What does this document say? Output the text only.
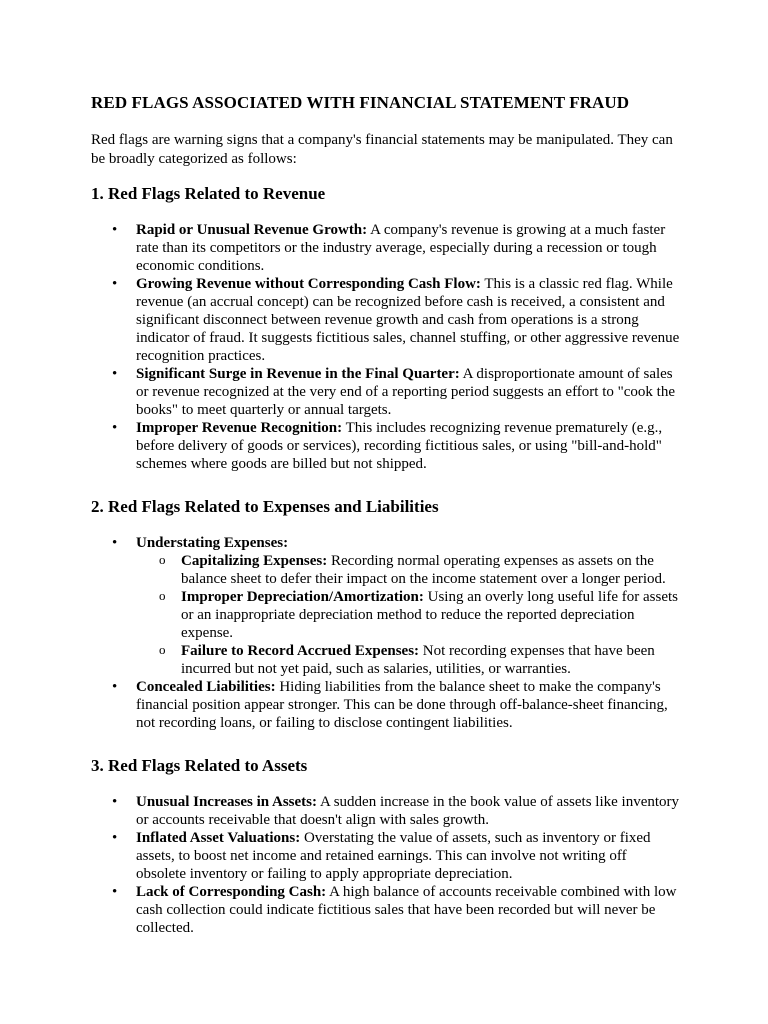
RED FLAGS ASSOCIATED WITH FINANCIAL STATEMENT FRAUD

Red flags are warning signs that a company's financial statements may be manipulated. They can be broadly categorized as follows:

1. Red Flags Related to Revenue
• Rapid or Unusual Revenue Growth: A company's revenue is growing at a much faster rate than its competitors or the industry average, especially during a recession or tough economic conditions.
• Growing Revenue without Corresponding Cash Flow: This is a classic red flag. While revenue (an accrual concept) can be recognized before cash is received, a consistent and significant disconnect between revenue growth and cash from operations is a strong indicator of fraud. It suggests fictitious sales, channel stuffing, or other aggressive revenue recognition practices.
• Significant Surge in Revenue in the Final Quarter: A disproportionate amount of sales or revenue recognized at the very end of a reporting period suggests an effort to "cook the books" to meet quarterly or annual targets.
• Improper Revenue Recognition: This includes recognizing revenue prematurely (e.g., before delivery of goods or services), recording fictitious sales, or using "bill-and-hold" schemes where goods are billed but not shipped.
2. Red Flags Related to Expenses and Liabilities
• Understating Expenses:
o Capitalizing Expenses: Recording normal operating expenses as assets on the balance sheet to defer their impact on the income statement over a longer period.
o Improper Depreciation/Amortization: Using an overly long useful life for assets or an inappropriate depreciation method to reduce the reported depreciation expense.
o Failure to Record Accrued Expenses: Not recording expenses that have been incurred but not yet paid, such as salaries, utilities, or warranties.
• Concealed Liabilities: Hiding liabilities from the balance sheet to make the company's financial position appear stronger. This can be done through off-balance-sheet financing, not recording loans, or failing to disclose contingent liabilities.
3. Red Flags Related to Assets
• Unusual Increases in Assets: A sudden increase in the book value of assets like inventory or accounts receivable that doesn't align with sales growth.
• Inflated Asset Valuations: Overstating the value of assets, such as inventory or fixed assets, to boost net income and retained earnings. This can involve not writing off obsolete inventory or failing to apply appropriate depreciation.
• Lack of Corresponding Cash: A high balance of accounts receivable combined with low cash collection could indicate fictitious sales that have been recorded but will never be collected.
